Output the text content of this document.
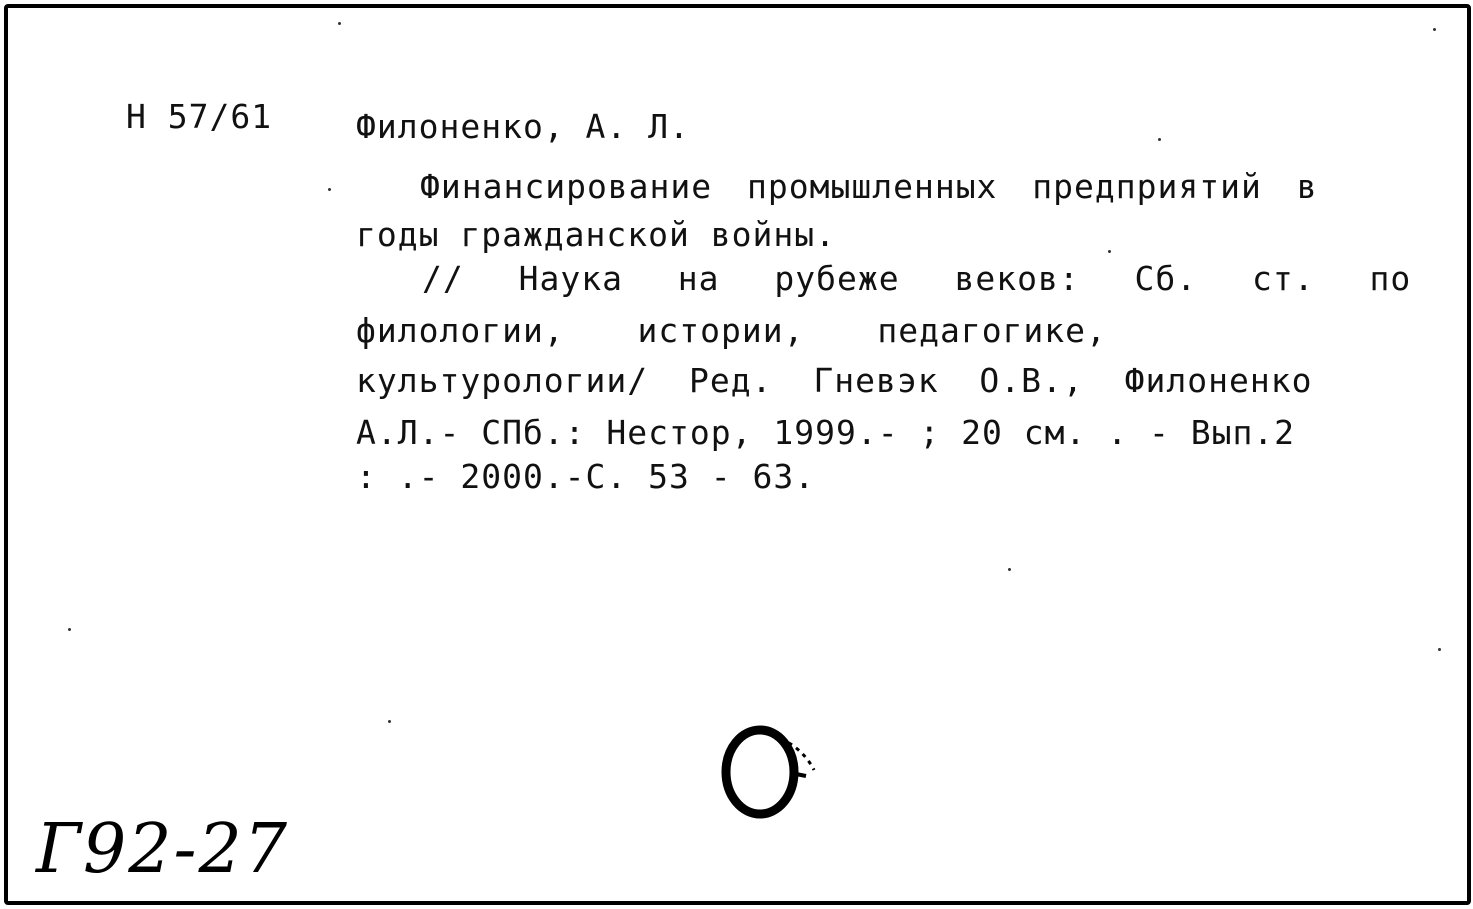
Н 57/61	Филоненко, А. Л.
Финансирование промышленных предприятий в
годы гражданской войны.
// Наука на рубеже веков: Сб. ст. по
филологии, истории, педагогике,
культурологии/ Ред. Гневэк О.В., Филоненко
А.Л.- СПб.: Нестор, 1999.- ; 20 см. . - Вып.2
: .- 2000.-С. 53 - 63.
Г92-27
